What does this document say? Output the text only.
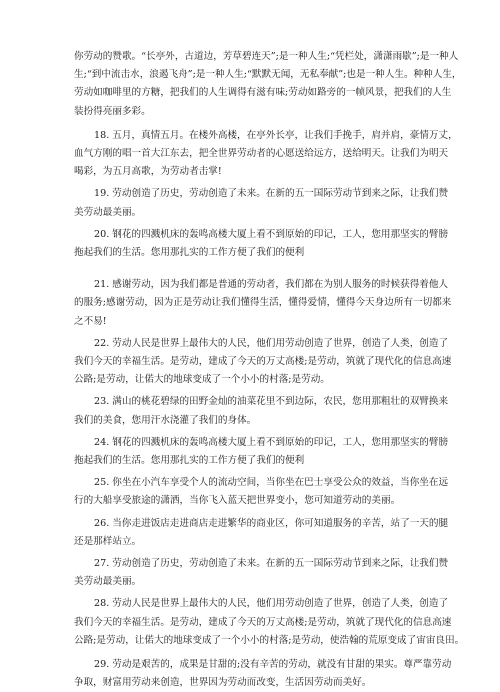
你劳动的赞歌。“长亭外，古道边，芳草碧连天”;是一种人生;“凭栏处，潇潇雨歇”;是一种人
生;“到中流击水，浪遏飞舟”;是一种人生;“默默无闻，无私奉献”;也是一种人生。种种人生，
劳动如咖啡里的方糖，把我们的人生调得有滋有味;劳动如路旁的一帧风景，把我们的人生
装扮得亮丽多彩。
18. 五月，真情五月。在楼外高楼，在亭外长亭，让我们手挽手，肩并肩，豪情万丈，
血气方刚的唱一首大江东去，把全世界劳动者的心愿送给远方，送给明天。让我们为明天
喝彩，为五月高歌，为劳动者击掌!
19. 劳动创造了历史，劳动创造了未来。在新的五一国际劳动节到来之际，让我们赞
美劳动最美丽。
20. 钢花的四溅机床的轰鸣高楼大厦上看不到原始的印记，工人，您用那坚实的臂膀
拖起我们的生活。您用那扎实的工作方便了我们的便利
21. 感谢劳动，因为我们都是普通的劳动者，我们都在为别人服务的时候获得着他人
的服务;感谢劳动，因为正是劳动让我们懂得生活，懂得爱情，懂得今天身边所有一切都来
之不易!
22. 劳动人民是世界上最伟大的人民，他们用劳动创造了世界，创造了人类，创造了
我们今天的幸福生活。是劳动，建成了今天的万丈高楼;是劳动，筑就了现代化的信息高速
公路;是劳动，让偌大的地球变成了一个小小的村落;是劳动。
23. 满山的桃花碧绿的田野金灿的油菜花里不到边际，农民，您用那粗壮的双臂换来
我们的美食，您用汗水浇灌了我们的身体。
24. 钢花的四溅机床的轰鸣高楼大厦上看不到原始的印记，工人，您用那坚实的臂膀
拖起我们的生活。您用那扎实的工作方便了我们的便利
25. 你坐在小汽车享受个人的流动空间，当你坐在巴士享受公众的效益，当你坐在远
行的大船享受旅途的潇洒，当你飞入蓝天把世界变小，您可知道劳动的美丽。
26. 当你走进饭店走进商店走进繁华的商业区，你可知道服务的辛苦，站了一天的腿
还是那样站立。
27. 劳动创造了历史，劳动创造了未来。在新的五一国际劳动节到来之际，让我们赞
美劳动最美丽。
28. 劳动人民是世界上最伟大的人民，他们用劳动创造了世界，创造了人类，创造了
我们今天的幸福生活。是劳动，建成了今天的万丈高楼;是劳动，筑就了现代化的信息高速
公路;是劳动，让偌大的地球变成了一个小小的村落;是劳动，使浩翰的荒原变成了宙宙良田。
29. 劳动是艰苦的，成果是甘甜的;没有辛苦的劳动，就没有甘甜的果实。尊严靠劳动
争取，财富用劳动来创造，世界因为劳动而改变，生活因劳动而美好。
